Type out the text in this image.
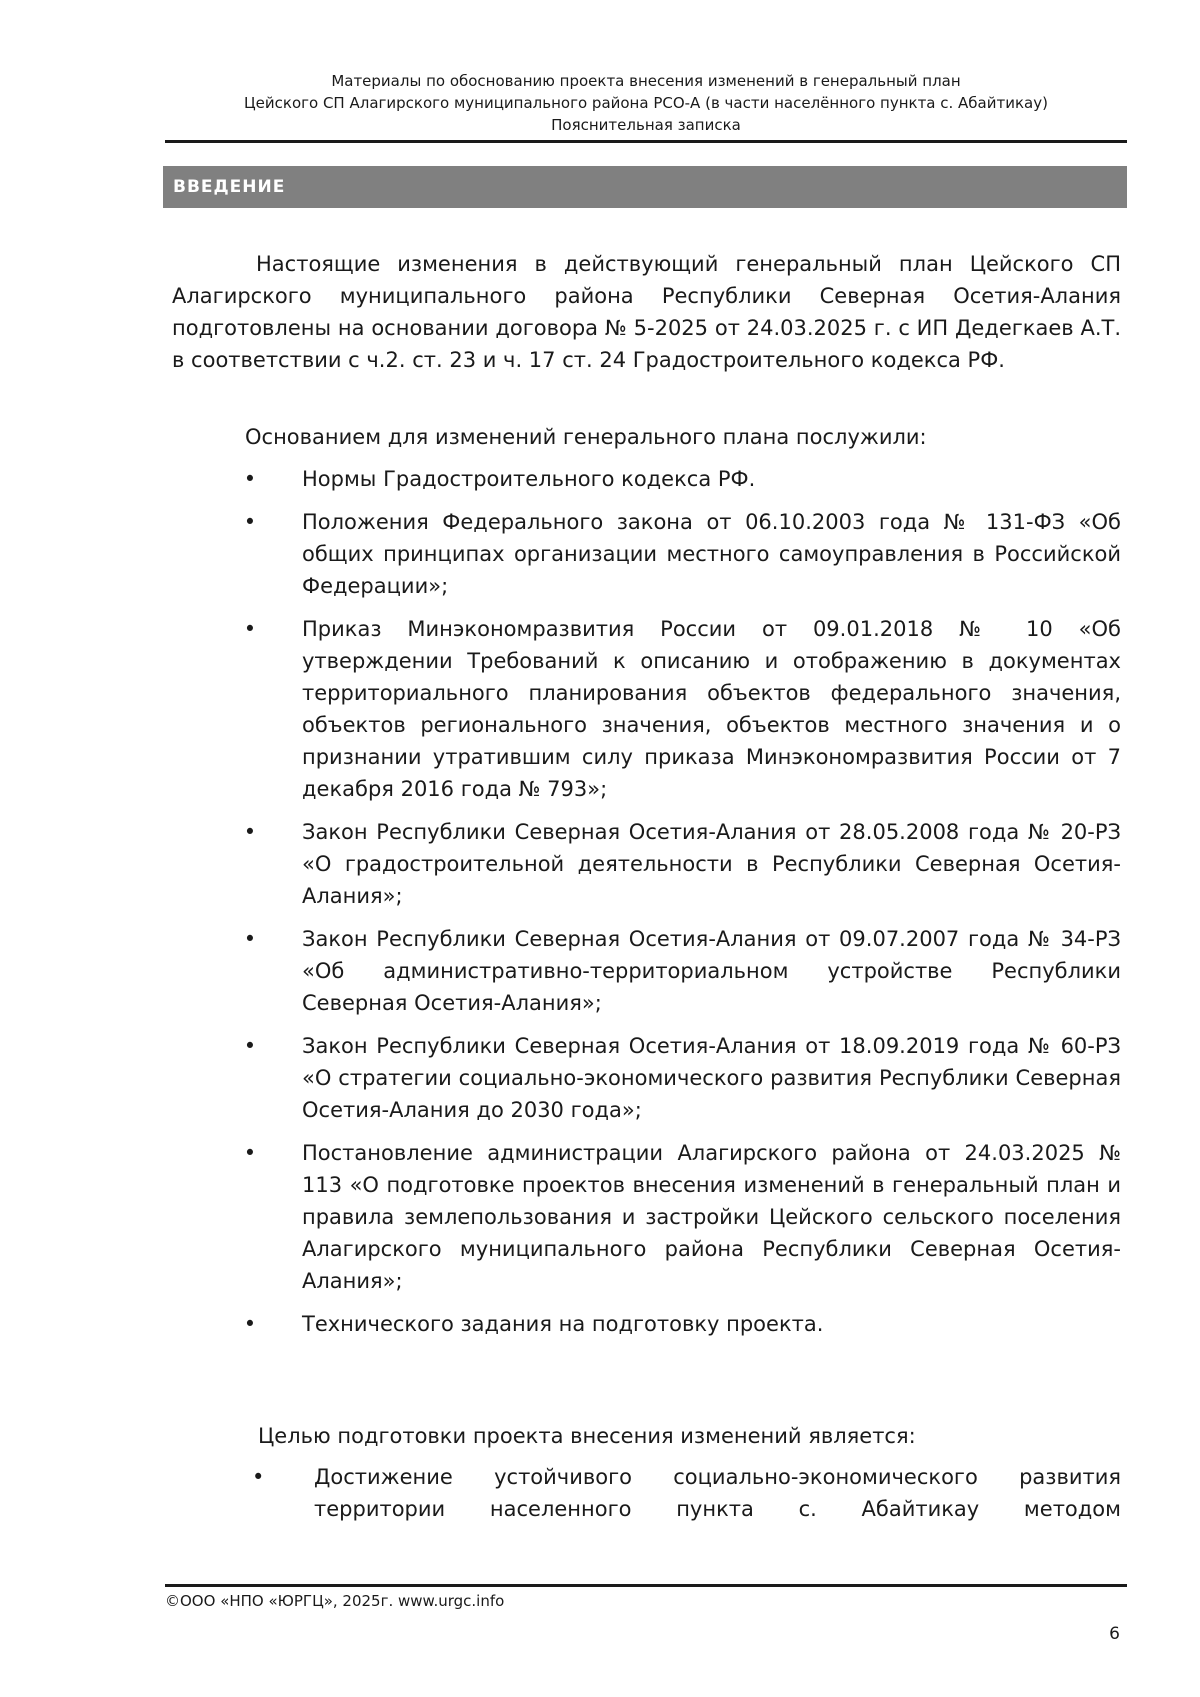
Материалы по обоснованию проекта внесения изменений в генеральный план
Цейского СП Алагирского муниципального района РСО-А (в части населённого пункта с. Абайтикау)
Пояснительная записка
ВВЕДЕНИЕ

Настоящие изменения в действующий генеральный план Цейского СП Алагирского муниципального района Республики Северная Осетия-Алания подготовлены на основании договора № 5-2025 от 24.03.2025 г. с ИП Дедегкаев А.Т. в соответствии с ч.2. ст. 23 и ч. 17 ст. 24 Градостроительного кодекса РФ.

Основанием для изменений генерального плана послужили:

• Нормы Градостроительного кодекса РФ.
• Положения Федерального закона от 06.10.2003 года № 131-ФЗ «Об общих принципах организации местного самоуправления в Российской Федерации»;
• Приказ Минэкономразвития России от 09.01.2018 № 10 «Об утверждении Требований к описанию и отображению в документах территориального планирования объектов федерального значения, объектов регионального значения, объектов местного значения и о признании утратившим силу приказа Минэкономразвития России от 7 декабря 2016 года № 793»;
• Закон Республики Северная Осетия-Алания от 28.05.2008 года № 20-РЗ «О градостроительной деятельности в Республики Северная Осетия-Алания»;
• Закон Республики Северная Осетия-Алания от 09.07.2007 года № 34-РЗ «Об административно-территориальном устройстве Республики Северная Осетия-Алания»;
• Закон Республики Северная Осетия-Алания от 18.09.2019 года № 60-РЗ «О стратегии социально-экономического развития Республики Северная Осетия-Алания до 2030 года»;
• Постановление администрации Алагирского района от 24.03.2025 № 113 «О подготовке проектов внесения изменений в генеральный план и правила землепользования и застройки Цейского сельского поселения Алагирского муниципального района Республики Северная Осетия-Алания»;
• Технического задания на подготовку проекта.

Целью подготовки проекта внесения изменений является:

•	Достижение устойчивого социально-экономического развития территории населенного пункта с. Абайтикау методом
©ООО «НПО «ЮРГЦ», 2025г. www.urgc.info
6
